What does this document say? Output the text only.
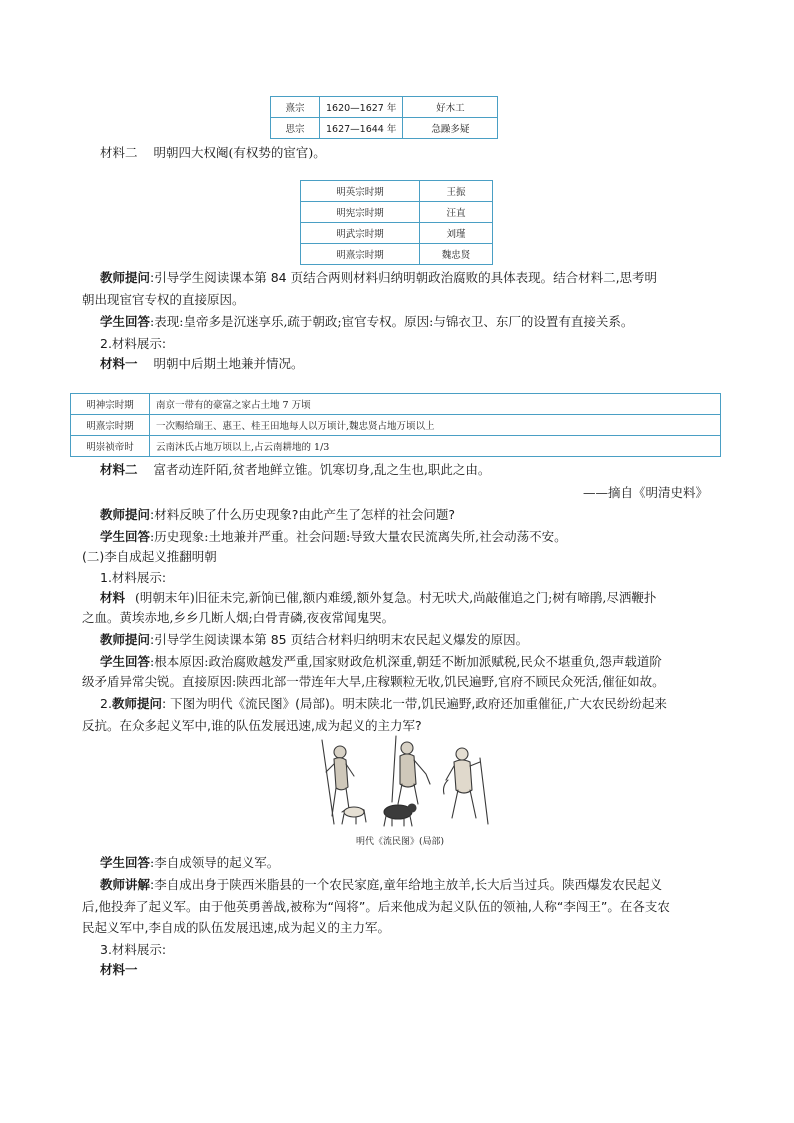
熹宗	1620—1627 年	好木工
思宗	1627—1644 年	急躁多疑
材料二 明朝四大权阉(有权势的宦官)。
明英宗时期	王振
明宪宗时期	汪直
明武宗时期	刘瑾
明熹宗时期	魏忠贤
教师提问:引导学生阅读课本第 84 页结合两则材料归纳明朝政治腐败的具体表现。结合材料二,思考明
朝出现宦官专权的直接原因。
学生回答:表现:皇帝多是沉迷享乐,疏于朝政;宦官专权。原因:与锦衣卫、东厂的设置有直接关系。
2.材料展示:
材料一 明朝中后期土地兼并情况。
明神宗时期	南京一带有的豪富之家占土地 7 万顷
明熹宗时期	一次赐给瑞王、惠王、桂王田地每人以万顷计,魏忠贤占地万顷以上
明崇祯帝时	云南沐氏占地万顷以上,占云南耕地的 1/3
材料二 富者动连阡陌,贫者地鲜立锥。饥寒切身,乱之生也,职此之由。
——摘自《明清史料》
教师提问:材料反映了什么历史现象?由此产生了怎样的社会问题?
学生回答:历史现象:土地兼并严重。社会问题:导致大量农民流离失所,社会动荡不安。
(二)李自成起义推翻明朝
1.材料展示:
材料 (明朝末年)旧征未完,新饷已催,额内难缓,额外复急。村无吠犬,尚敲催追之门;树有啼鹃,尽洒鞭扑
之血。黄埃赤地,乡乡几断人烟;白骨青磷,夜夜常闻鬼哭。
教师提问:引导学生阅读课本第 85 页结合材料归纳明末农民起义爆发的原因。
学生回答:根本原因:政治腐败越发严重,国家财政危机深重,朝廷不断加派赋税,民众不堪重负,怨声载道阶
级矛盾异常尖锐。直接原因:陕西北部一带连年大旱,庄稼颗粒无收,饥民遍野,官府不顾民众死活,催征如故。
2.教师提问: 下图为明代《流民图》(局部)。明末陕北一带,饥民遍野,政府还加重催征,广大农民纷纷起来
反抗。在众多起义军中,谁的队伍发展迅速,成为起义的主力军?
明代《流民图》(局部)
学生回答:李自成领导的起义军。
教师讲解:李自成出身于陕西米脂县的一个农民家庭,童年给地主放羊,长大后当过兵。陕西爆发农民起义
后,他投奔了起义军。由于他英勇善战,被称为“闯将”。后来他成为起义队伍的领袖,人称“李闯王”。在各支农
民起义军中,李自成的队伍发展迅速,成为起义的主力军。
3.材料展示:
材料一
